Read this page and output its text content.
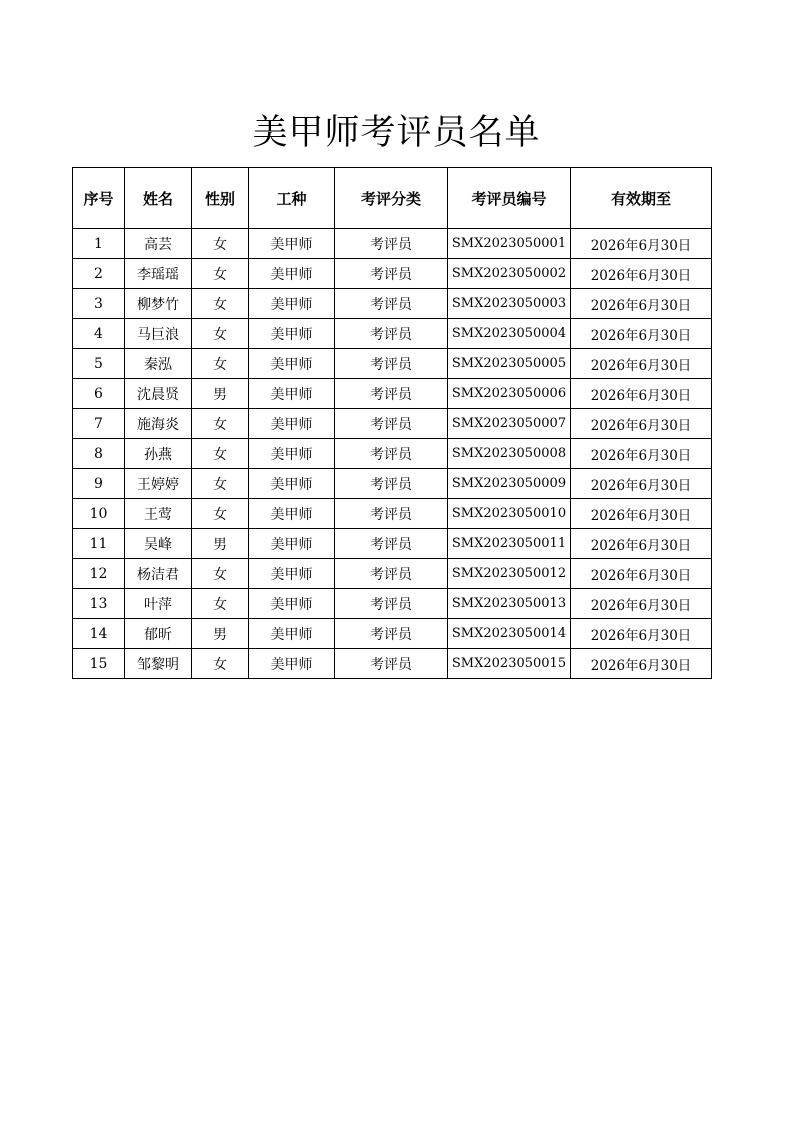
美甲师考评员名单
序号	姓名	性别	工种	考评分类	考评员编号	有效期至
1	高芸	女	美甲师	考评员	SMX2023050001	2026年6月30日
2	李瑶瑶	女	美甲师	考评员	SMX2023050002	2026年6月30日
3	柳梦竹	女	美甲师	考评员	SMX2023050003	2026年6月30日
4	马巨浪	女	美甲师	考评员	SMX2023050004	2026年6月30日
5	秦泓	女	美甲师	考评员	SMX2023050005	2026年6月30日
6	沈晨贤	男	美甲师	考评员	SMX2023050006	2026年6月30日
7	施海炎	女	美甲师	考评员	SMX2023050007	2026年6月30日
8	孙燕	女	美甲师	考评员	SMX2023050008	2026年6月30日
9	王婷婷	女	美甲师	考评员	SMX2023050009	2026年6月30日
10	王莺	女	美甲师	考评员	SMX2023050010	2026年6月30日
11	吴峰	男	美甲师	考评员	SMX2023050011	2026年6月30日
12	杨洁君	女	美甲师	考评员	SMX2023050012	2026年6月30日
13	叶萍	女	美甲师	考评员	SMX2023050013	2026年6月30日
14	郁昕	男	美甲师	考评员	SMX2023050014	2026年6月30日
15	邹黎明	女	美甲师	考评员	SMX2023050015	2026年6月30日
